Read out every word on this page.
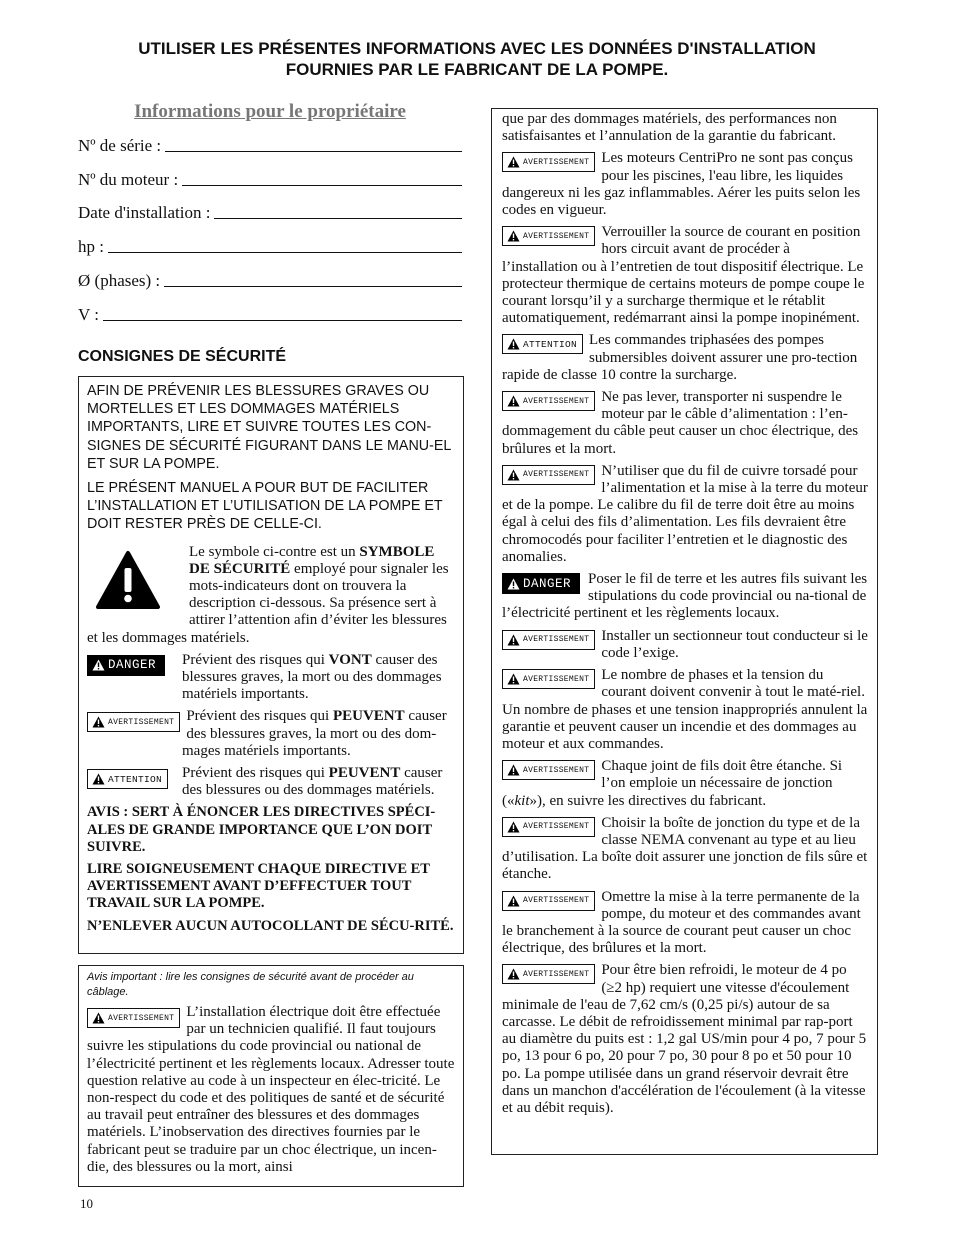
UTILISER LES PRÉSENTES INFORMATIONS AVEC LES DONNÉES D'INSTALLATION
FOURNIES PAR LE FABRICANT DE LA POMPE.
Informations pour le propriétaire
Nº de série :
Nº du moteur :
Date d'installation :
hp :
Ø (phases) :
V :
CONSIGNES DE SÉCURITÉ

AFIN DE PRÉVENIR LES BLESSURES GRAVES OU MORTELLES ET LES DOMMAGES MATÉRIELS IMPORTANTS, LIRE ET SUIVRE TOUTES LES CON-SIGNES DE SÉCURITÉ FIGURANT DANS LE MANU-EL ET SUR LA POMPE.

LE PRÉSENT MANUEL A POUR BUT DE FACILITER L’INSTALLATION ET L’UTILISATION DE LA POMPE ET DOIT RESTER PRÈS DE CELLE-CI.

Le symbole ci-contre est un SYMBOLE DE SÉCURITÉ employé pour signaler les mots-indicateurs dont on trouvera la description ci-dessous. Sa présence sert à attirer l’attention afin d’éviter les blessures et les dommages matériels.

DANGER Prévient des risques qui VONT causer des blessures graves, la mort ou des dommages matériels importants.

AVERTISSEMENT Prévient des risques qui PEUVENT causer des blessures graves, la mort ou des dom-mages matériels importants.

ATTENTION Prévient des risques qui PEUVENT causer des blessures ou des dommages matériels.

AVIS : SERT À ÉNONCER LES DIRECTIVES SPÉCI-ALES DE GRANDE IMPORTANCE QUE L’ON DOIT SUIVRE.

LIRE SOIGNEUSEMENT CHAQUE DIRECTIVE ET AVERTISSEMENT AVANT D’EFFECTUER TOUT TRAVAIL SUR LA POMPE.

N’ENLEVER AUCUN AUTOCOLLANT DE SÉCU-RITÉ.

Avis important : lire les consignes de sécurité avant de procéder au câblage.

AVERTISSEMENT L’installation électrique doit être effectuée par un technicien qualifié. Il faut toujours suivre les stipulations du code provincial ou national de l’électricité pertinent et les règlements locaux. Adresser toute question relative au code à un inspecteur en élec-tricité. Le non-respect du code et des politiques de santé et de sécurité au travail peut entraîner des blessures et des dommages matériels. L’inobservation des directives fournies par le fabricant peut se traduire par un choc électrique, un incen-die, des blessures ou la mort, ainsi

que par des dommages matériels, des performances non satisfaisantes et l’annulation de la garantie du fabricant.

AVERTISSEMENT Les moteurs CentriPro ne sont pas conçus pour les piscines, l'eau libre, les liquides dangereux ni les gaz inflammables. Aérer les puits selon les codes en vigueur.

AVERTISSEMENT Verrouiller la source de courant en position hors circuit avant de procéder à l’installation ou à l’entretien de tout dispositif électrique. Le protecteur thermique de certains moteurs de pompe coupe le courant lorsqu’il y a surcharge thermique et le rétablit automatiquement, redémarrant ainsi la pompe inopinément.

ATTENTION Les commandes triphasées des pompes submersibles doivent assurer une pro-tection rapide de classe 10 contre la surcharge.

AVERTISSEMENT Ne pas lever, transporter ni suspendre le moteur par le câble d’alimentation : l’en-dommagement du câble peut causer un choc électrique, des brûlures et la mort.

AVERTISSEMENT N’utiliser que du fil de cuivre torsadé pour l’alimentation et la mise à la terre du moteur et de la pompe. Le calibre du fil de terre doit être au moins égal à celui des fils d’alimentation. Les fils devraient être chromocodés pour faciliter l’entretien et le diagnostic des anomalies.

DANGER	Poser le fil de terre et les autres fils suivant les stipulations du code provincial ou na-tional de l’électricité pertinent et les règlements locaux.

AVERTISSEMENT Installer un sectionneur tout conducteur si le code l’exige.

AVERTISSEMENT Le nombre de phases et la tension du courant doivent convenir à tout le maté-riel. Un nombre de phases et une tension inappropriés annulent la garantie et peuvent causer un incendie et des dommages au moteur et aux commandes.

AVERTISSEMENT Chaque joint de fils doit être étanche. Si l’on emploie un nécessaire de jonction («kit»), en suivre les directives du fabricant.

AVERTISSEMENT Choisir la boîte de jonction du type et de la classe NEMA convenant au type et au lieu d’utilisation. La boîte doit assurer une jonction de fils sûre et étanche.

AVERTISSEMENT Omettre la mise à la terre permanente de la pompe, du moteur et des commandes avant le branchement à la source de courant peut causer un choc électrique, des brûlures et la mort.

AVERTISSEMENT Pour être bien refroidi, le moteur de 4 po (≥2 hp) requiert une vitesse d'écoulement minimale de l'eau de 7,62 cm/s (0,25 pi/s) autour de sa carcasse. Le débit de refroidissement minimal par rap-port au diamètre du puits est : 1,2 gal US/min pour 4 po, 7 pour 5 po, 13 pour 6 po, 20 pour 7 po, 30 pour 8 po et 50 pour 10 po. La pompe utilisée dans un grand réservoir devrait être dans un manchon d'accélération de l'écoulement (à la vitesse et au débit requis).

10
